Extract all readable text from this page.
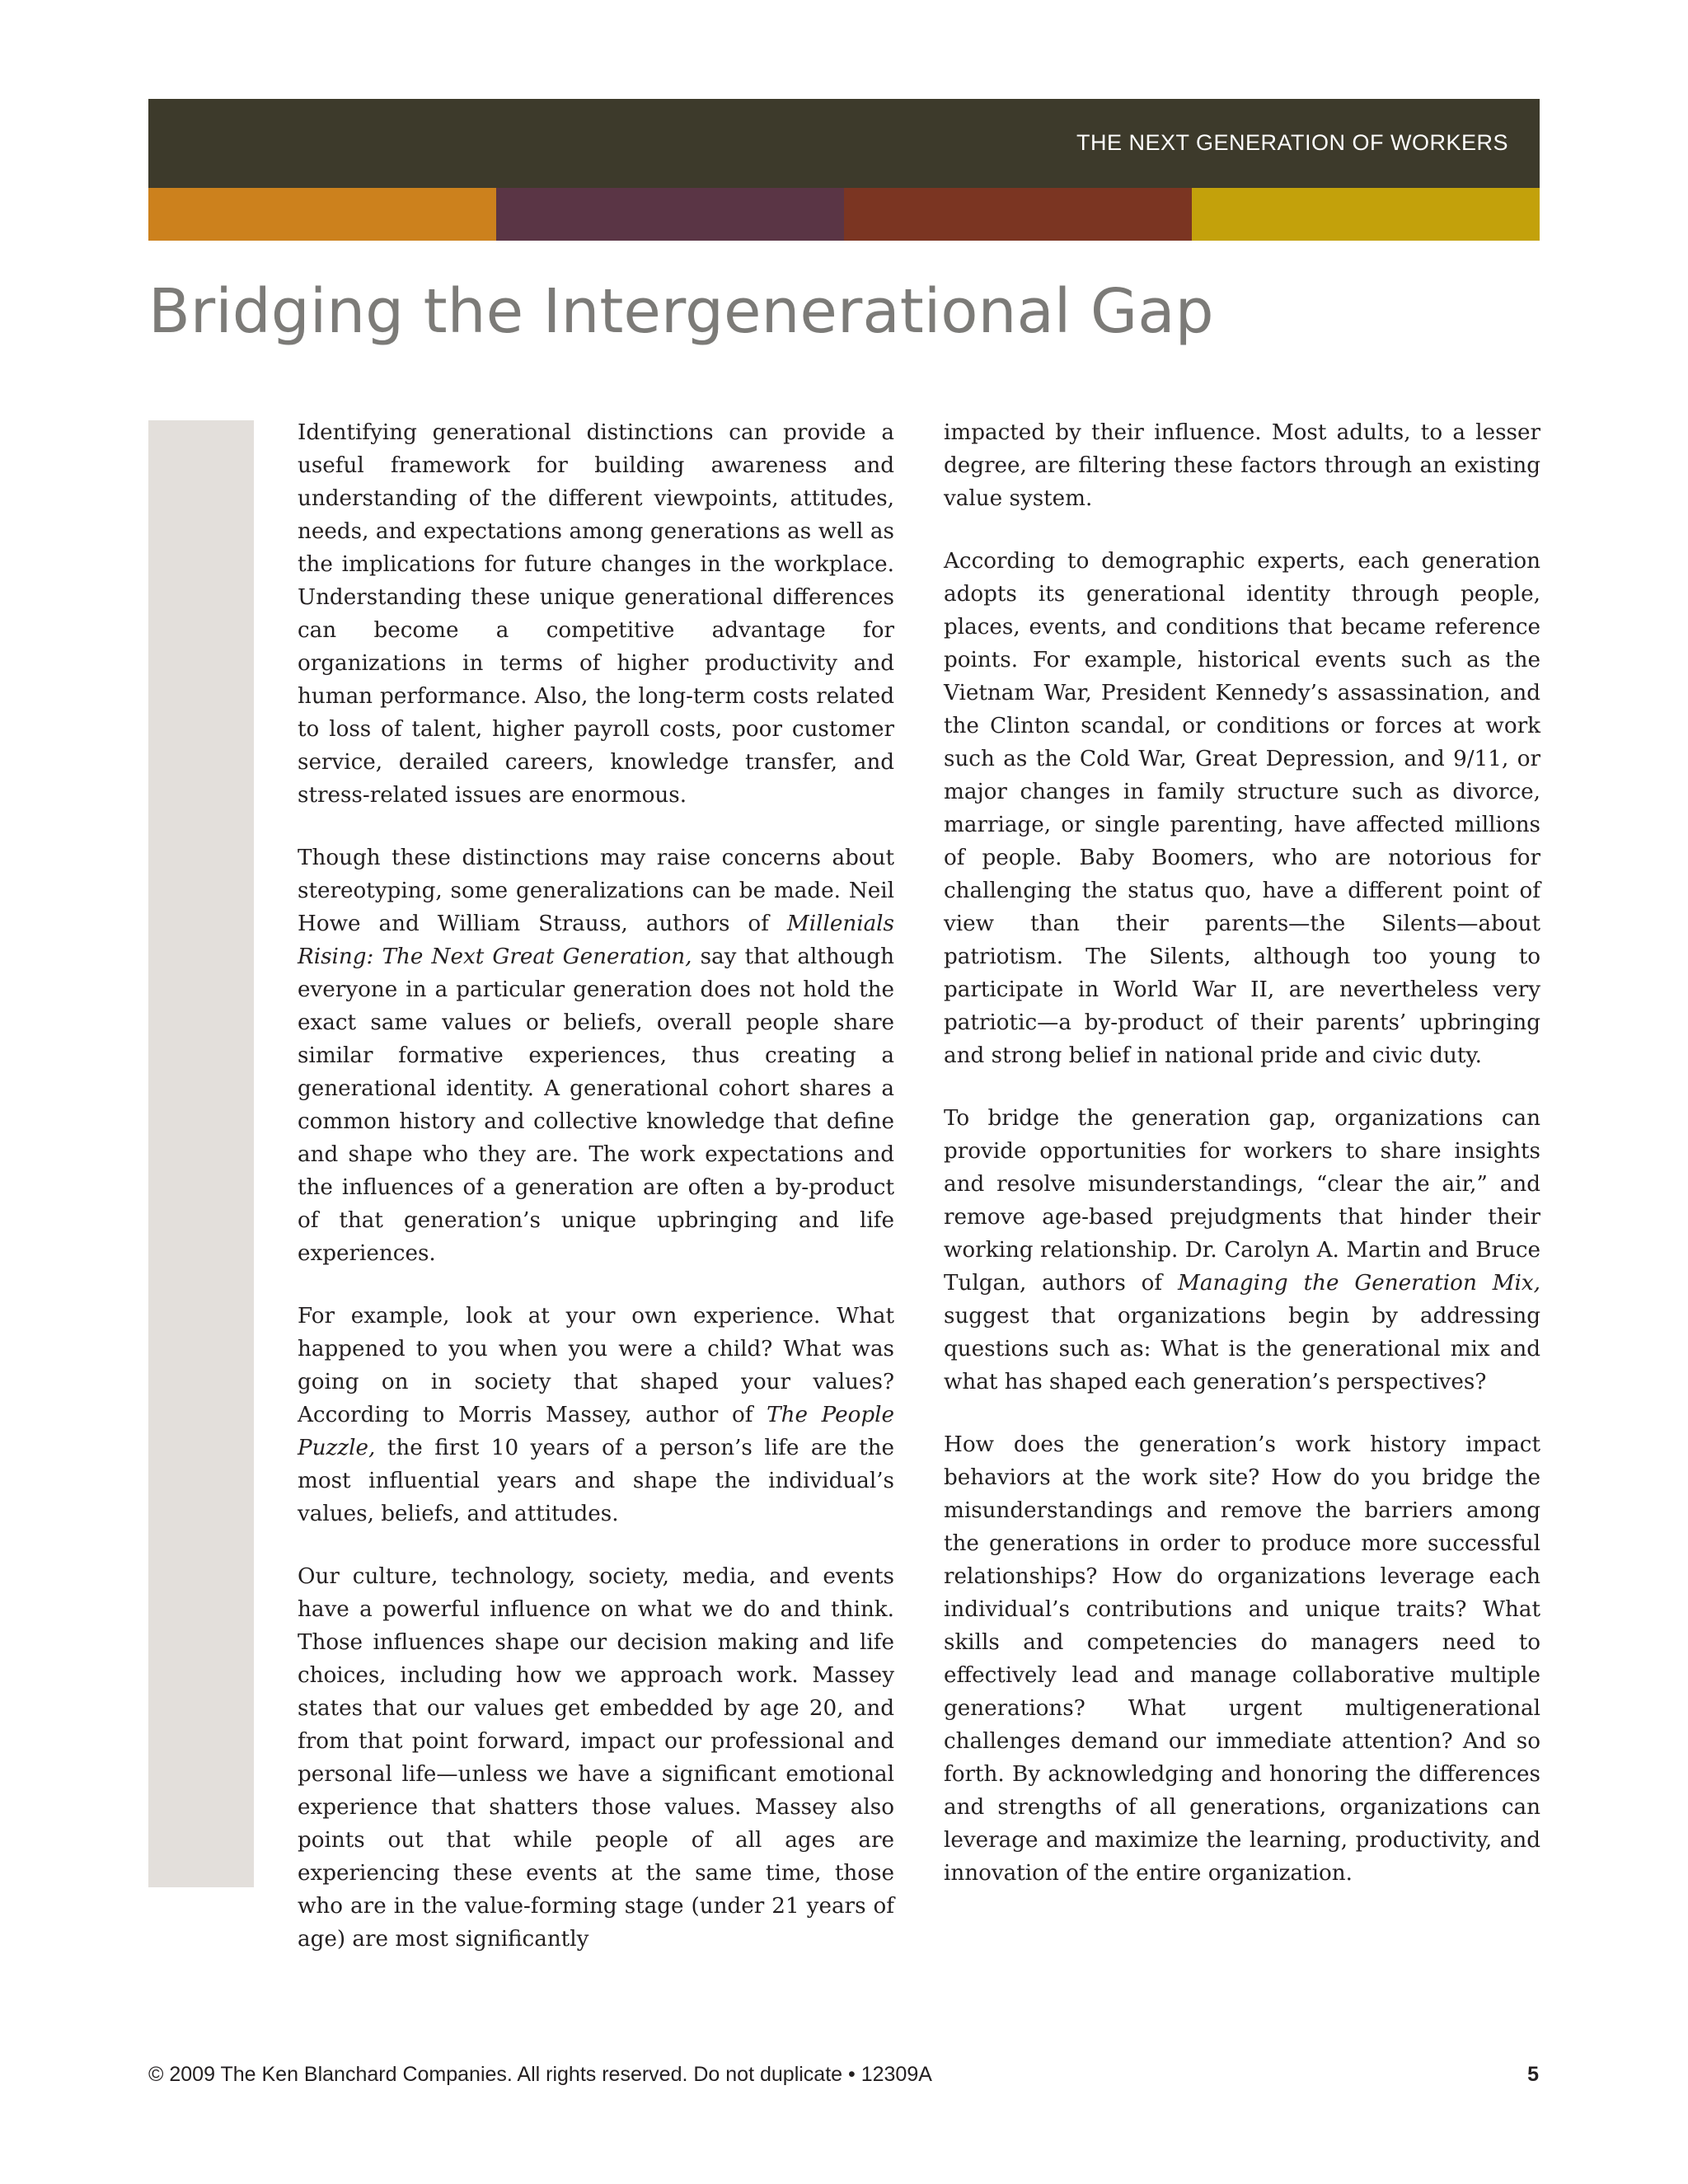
THE NEXT GENERATION OF WORKERS
Bridging the Intergenerational Gap

Identifying generational distinctions can provide a useful framework for building awareness and understanding of the different viewpoints, attitudes, needs, and expectations among generations as well as the implications for future changes in the workplace. Understanding these unique generational differences can become a competitive advantage for organizations in terms of higher productivity and human performance. Also, the long-term costs related to loss of talent, higher payroll costs, poor customer service, derailed careers, knowledge transfer, and stress-related issues are enormous.

Though these distinctions may raise concerns about stereotyping, some generalizations can be made. Neil Howe and William Strauss, authors of Millenials Rising: The Next Great Generation, say that although everyone in a particular generation does not hold the exact same values or beliefs, overall people share similar formative experiences, thus creating a generational identity. A generational cohort shares a common history and collective knowledge that define and shape who they are. The work expectations and the influences of a generation are often a by-product of that generation’s unique upbringing and life experiences.

For example, look at your own experience. What happened to you when you were a child? What was going on in society that shaped your values? According to Morris Massey, author of The People Puzzle, the first 10 years of a person’s life are the most influential years and shape the individual’s values, beliefs, and attitudes.

Our culture, technology, society, media, and events have a powerful influence on what we do and think. Those influences shape our decision making and life choices, including how we approach work. Massey states that our values get embedded by age 20, and from that point forward, impact our professional and personal life—unless we have a significant emotional experience that shatters those values. Massey also points out that while people of all ages are experiencing these events at the same time, those who are in the value-forming stage (under 21 years of age) are most significantly

impacted by their influence. Most adults, to a lesser degree, are filtering these factors through an existing value system.

According to demographic experts, each generation adopts its generational identity through people, places, events, and conditions that became reference points. For example, historical events such as the Vietnam War, President Kennedy’s assassination, and the Clinton scandal, or conditions or forces at work such as the Cold War, Great Depression, and 9/11, or major changes in family structure such as divorce, marriage, or single parenting, have affected millions of people. Baby Boomers, who are notorious for challenging the status quo, have a different point of view than their parents—the Silents—about patriotism. The Silents, although too young to participate in World War II, are nevertheless very patriotic—a by-product of their parents’ upbringing and strong belief in national pride and civic duty.

To bridge the generation gap, organizations can provide opportunities for workers to share insights and resolve misunderstandings, “clear the air,” and remove age-based prejudgments that hinder their working relationship. Dr. Carolyn A. Martin and Bruce Tulgan, authors of Managing the Generation Mix, suggest that organizations begin by addressing questions such as: What is the generational mix and what has shaped each generation’s perspectives?

How does the generation’s work history impact behaviors at the work site? How do you bridge the misunderstandings and remove the barriers among the generations in order to produce more successful relationships? How do organizations leverage each individual’s contributions and unique traits? What skills and competencies do managers need to effectively lead and manage collaborative multiple generations? What urgent multigenerational challenges demand our immediate attention? And so forth. By acknowledging and honoring the differences and strengths of all generations, organizations can leverage and maximize the learning, productivity, and innovation of the entire organization.

© 2009 The Ken Blanchard Companies. All rights reserved. Do not duplicate • 12309A	5
